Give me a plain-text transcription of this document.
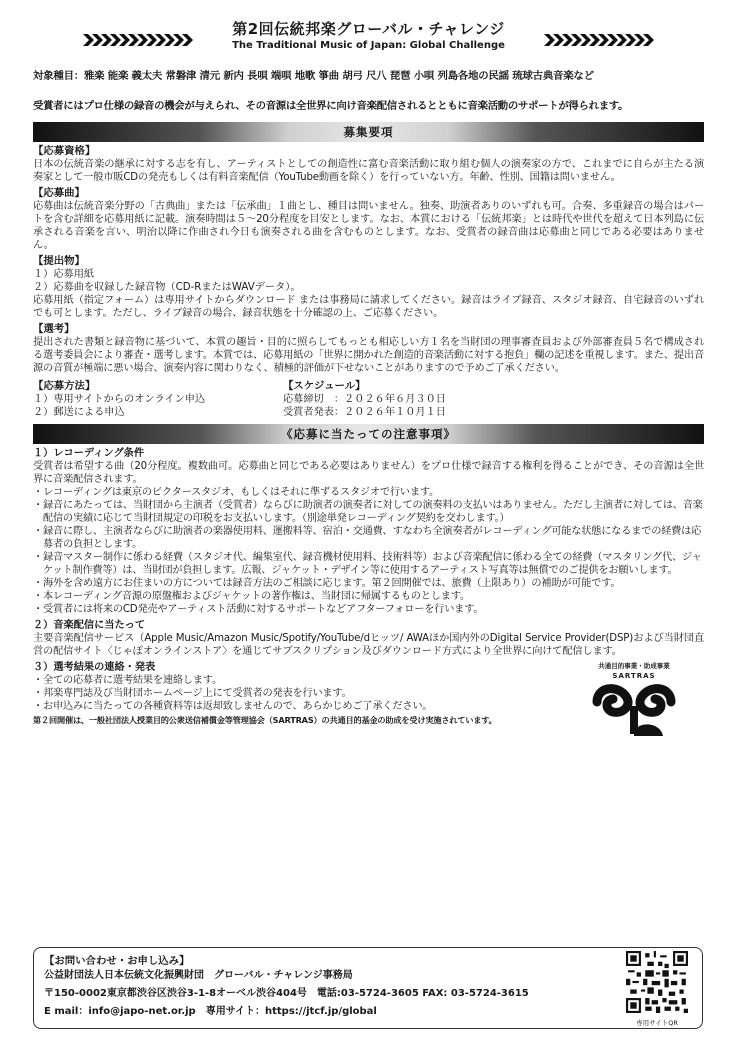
第2回伝統邦楽グローバル・チャレンジ
The Traditional Music of Japan: Global Challenge
対象種目：雅楽 能楽 義太夫 常磐津 清元 新内 長唄 端唄 地歌 箏曲 胡弓 尺八 琵琶 小唄 列島各地の民謡 琉球古典音楽など
受賞者にはプロ仕様の録音の機会が与えられ、その音源は全世界に向け音楽配信されるとともに音楽活動のサポートが得られます。
募集要項
【応募資格】
日本の伝統音楽の継承に対する志を有し、アーティストとしての創造性に富む音楽活動に取り組む個人の演奏家の方で、これまでに自らが主たる演奏家として一般市販CDの発売もしくは有料音楽配信（YouTube動画を除く）を行っていない方。年齢、性別、国籍は問いません。
【応募曲】
応募曲は伝統音楽分野の「古典曲」または「伝承曲」１曲とし、種目は問いません。独奏、助演者ありのいずれも可。合奏、多重録音の場合はパートを含む詳細を応募用紙に記載。演奏時間は５〜20分程度を目安とします。なお、本賞における「伝統邦楽」とは時代や世代を超えて日本列島に伝承される音楽を言い、明治以降に作曲され今日も演奏される曲を含むものとします。なお、受賞者の録音曲は応募曲と同じである必要はありません。
【提出物】
１）応募用紙
２）応募曲を収録した録音物（CD-RまたはWAVデータ）。
応募用紙（指定フォーム）は専用サイトからダウンロード または事務局に請求してください。録音はライブ録音、スタジオ録音、自宅録音のいずれでも可とします。ただし、ライブ録音の場合、録音状態を十分確認の上、ご応募ください。
【選考】
提出された書類と録音物に基づいて、本賞の趣旨・目的に照らしてもっとも相応しい方１名を当財団の理事審査員および外部審査員５名で構成される選考委員会により審査・選考します。本賞では、応募用紙の「世界に開かれた創造的音楽活動に対する抱負」欄の記述を重視します。また、提出音源の音質が極端に悪い場合、演奏内容に関わりなく、積極的評価が下せないことがありますので予めご了承ください。
【応募方法】
１）専用サイトからのオンライン申込
２）郵送による申込
【スケジュール】
応募締切　：２０２６年６月３０日
受賞者発表：２０２６年１０月１日
《応募に当たっての注意事項》
１）レコーディング条件
受賞者は希望する曲（20分程度。複数曲可。応募曲と同じである必要はありません）をプロ仕様で録音する権利を得ることができ、その音源は全世界に音楽配信されます。
・レコーディングは東京のビクタースタジオ、もしくはそれに準ずるスタジオで行います。
・録音にあたっては、当財団から主演者（受賞者）ならびに助演者の演奏者に対しての演奏料の支払いはありません。ただし主演者に対しては、音楽配信の実績に応じて当財団規定の印税をお支払いします。（別途単発レコーディング契約を交わします。）
・録音に際し、主演者ならびに助演者の楽器使用料、運搬料等、宿泊・交通費、すなわち全演奏者がレコーディング可能な状態になるまでの経費は応募者の負担とします。
・録音マスター制作に係わる経費（スタジオ代、編集室代、録音機材使用料、技術料等）および音楽配信に係わる全ての経費（マスタリング代、ジャケット制作費等）は、当財団が負担します。広報、ジャケット・デザイン等に使用するアーティスト写真等は無償でのご提供をお願いします。
・海外を含め遠方にお住まいの方については録音方法のご相談に応じます。第２回開催では、旅費（上限あり）の補助が可能です。
・本レコーディング音源の原盤権およびジャケットの著作権は、当財団に帰属するものとします。
・受賞者には将来のCD発売やアーティスト活動に対するサポートなどアフターフォローを行います。
２）音楽配信に当たって
主要音楽配信サービス（Apple Music/Amazon Music/Spotify/YouTube/dヒッツ/ AWAほか国内外のDigital Service Provider(DSP)および当財団直営の配信サイト〈じゃぽオンラインストア〉を通じてサブスクリプション及びダウンロード方式により全世界に向けて配信します。
共通目的事業・助成事業
SARTRAS
３）選考結果の連絡・発表
・全ての応募者に選考結果を連絡します。
・邦楽専門誌及び当財団ホームページ上にて受賞者の発表を行います。
・お申込みに当たっての各種資料等は返却致しませんので、あらかじめご了承ください。
第２回開催は、一般社団法人授業目的公衆送信補償金等管理協会（SARTRAS）の共通目的基金の助成を受け実施されています。
【お問い合わせ・お申し込み】
公益財団法人日本伝統文化振興財団　グローバル・チャレンジ事務局
〒150-0002東京都渋谷区渋谷3-1-8オーベル渋谷404号　電話:03-5724-3605 FAX: 03-5724-3615
E mail：info@japo-net.or.jp　専用サイト：https://jtcf.jp/global
専用サイトQR
